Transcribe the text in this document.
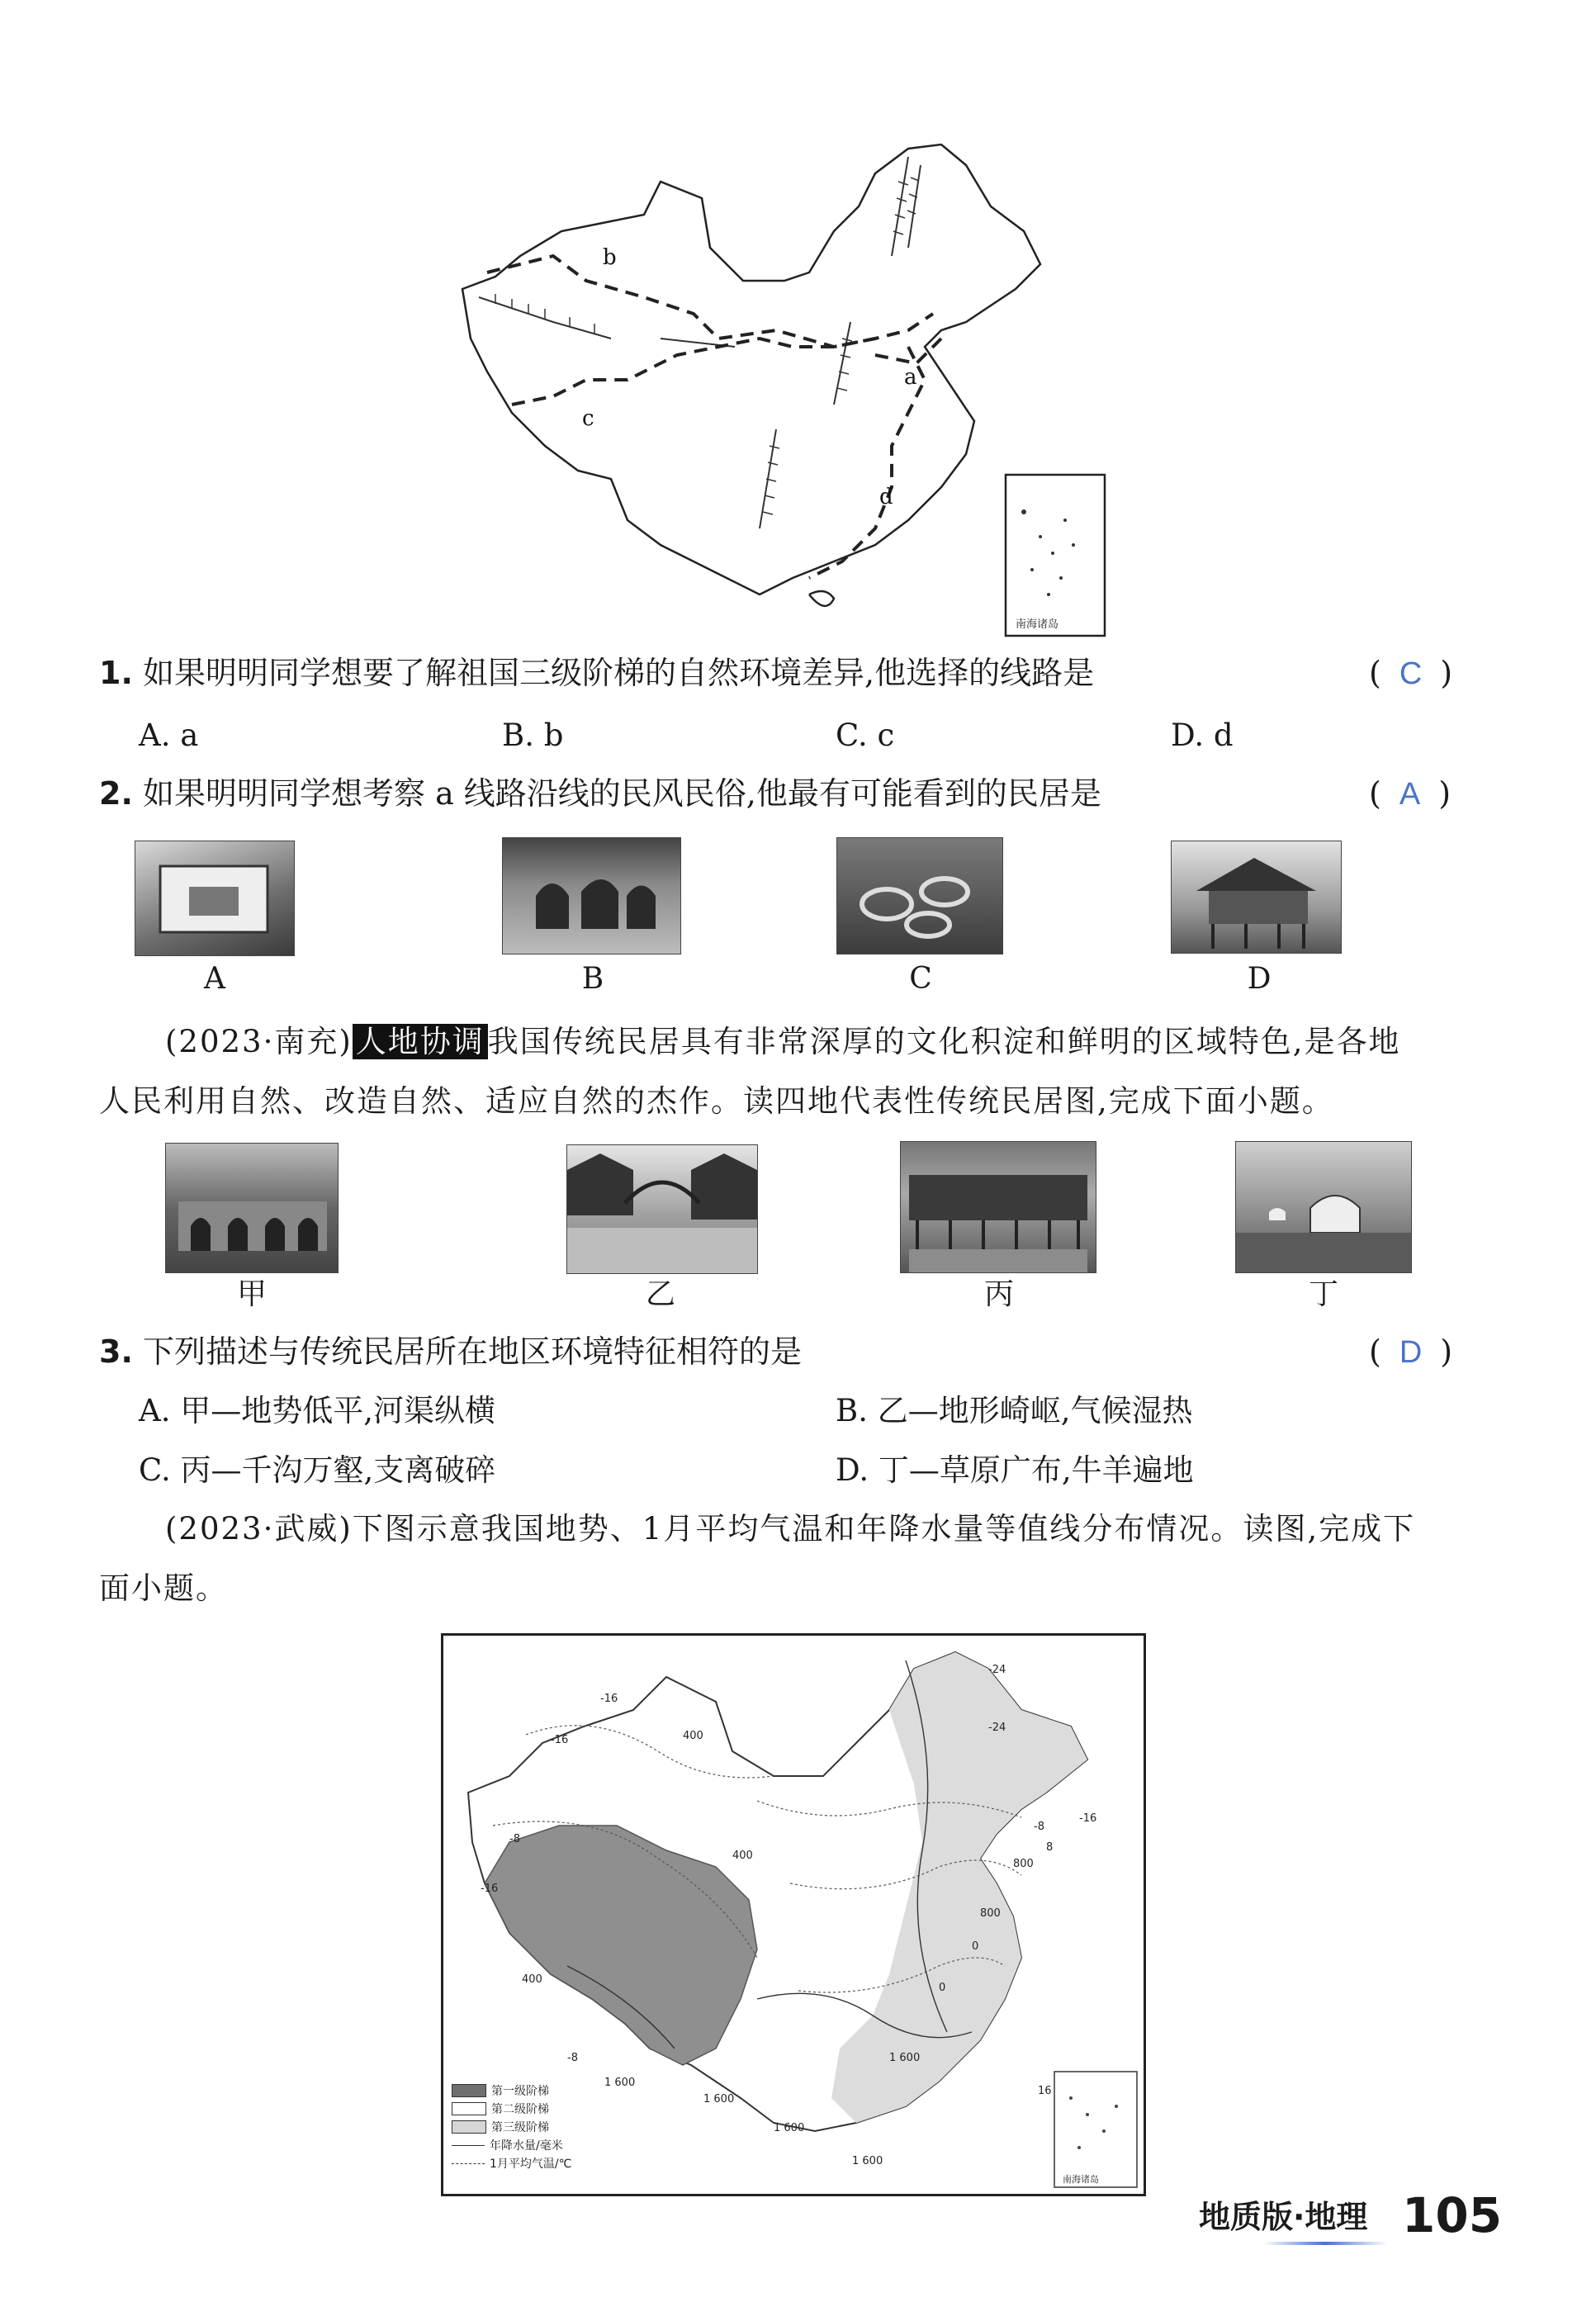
b
a
c
d
南海诸岛
1. 如果明明同学想要了解祖国三级阶梯的自然环境差异,他选择的线路是	( C )
A. a	B. b	C. c	D. d
2. 如果明明同学想考察 a 线路沿线的民风民俗,他最有可能看到的民居是	( A )
A	B	C	D
(2023·南充) 人地协调 我国传统民居具有非常深厚的文化积淀和鲜明的区域特色,是各地
人民利用自然、改造自然、适应自然的杰作。读四地代表性传统民居图,完成下面小题。
甲	乙	丙	丁
3. 下列描述与传统民居所在地区环境特征相符的是	( D )
A. 甲—地势低平,河渠纵横	B. 乙—地形崎岖,气候湿热
C. 丙—千沟万壑,支离破碎	D. 丁—草原广布,牛羊遍地
(2023·武威)下图示意我国地势、1月平均气温和年降水量等值线分布情况。读图,完成下
面小题。
-16
-16	400
-24
-8
-16
400
-8
1 600
800
1 600
-8
0
8
16
-16
800
400
0
-24
1 600
1 600
1 600
南海诸岛
第一级阶梯
第二级阶梯
第三级阶梯
年降水量/毫米
1月平均气温/℃
地质版·地理 105
